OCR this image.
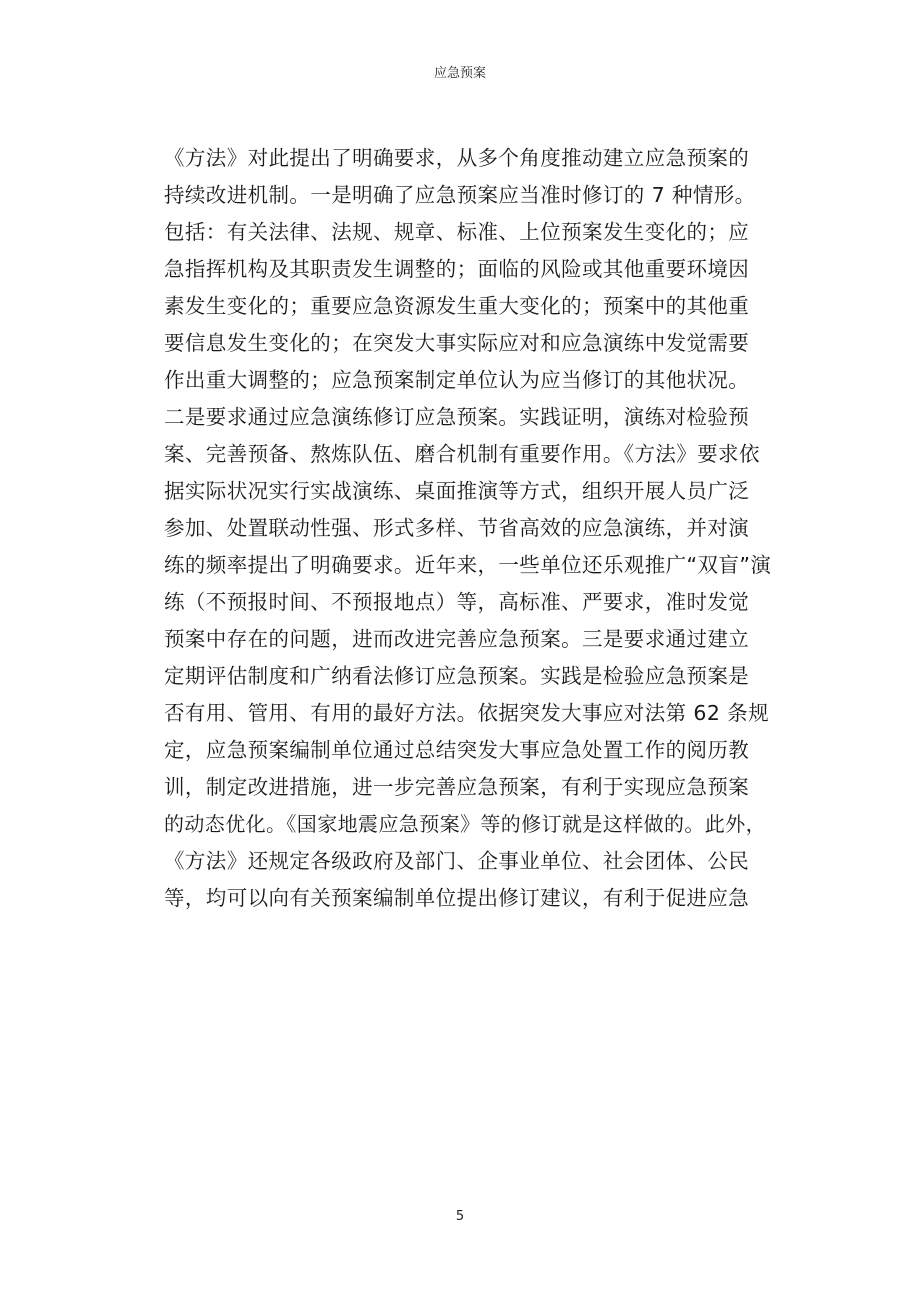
应急预案
《方法》对此提出了明确要求，从多个角度推动建立应急预案的
持续改进机制。一是明确了应急预案应当准时修订的 7 种情形。
包括：有关法律、法规、规章、标准、上位预案发生变化的；应
急指挥机构及其职责发生调整的；面临的风险或其他重要环境因
素发生变化的；重要应急资源发生重大变化的；预案中的其他重
要信息发生变化的；在突发大事实际应对和应急演练中发觉需要
作出重大调整的；应急预案制定单位认为应当修订的其他状况。
二是要求通过应急演练修订应急预案。实践证明，演练对检验预
案、完善预备、熬炼队伍、磨合机制有重要作用。《方法》要求依
据实际状况实行实战演练、桌面推演等方式，组织开展人员广泛
参加、处置联动性强、形式多样、节省高效的应急演练，并对演
练的频率提出了明确要求。近年来，一些单位还乐观推广“双盲”演
练（不预报时间、不预报地点）等，高标准、严要求，准时发觉
预案中存在的问题，进而改进完善应急预案。三是要求通过建立
定期评估制度和广纳看法修订应急预案。实践是检验应急预案是
否有用、管用、有用的最好方法。依据突发大事应对法第 62 条规
定，应急预案编制单位通过总结突发大事应急处置工作的阅历教
训，制定改进措施，进一步完善应急预案，有利于实现应急预案
的动态优化。《国家地震应急预案》等的修订就是这样做的。此外，
《方法》还规定各级政府及部门、企事业单位、社会团体、公民
等，均可以向有关预案编制单位提出修订建议，有利于促进应急
5
